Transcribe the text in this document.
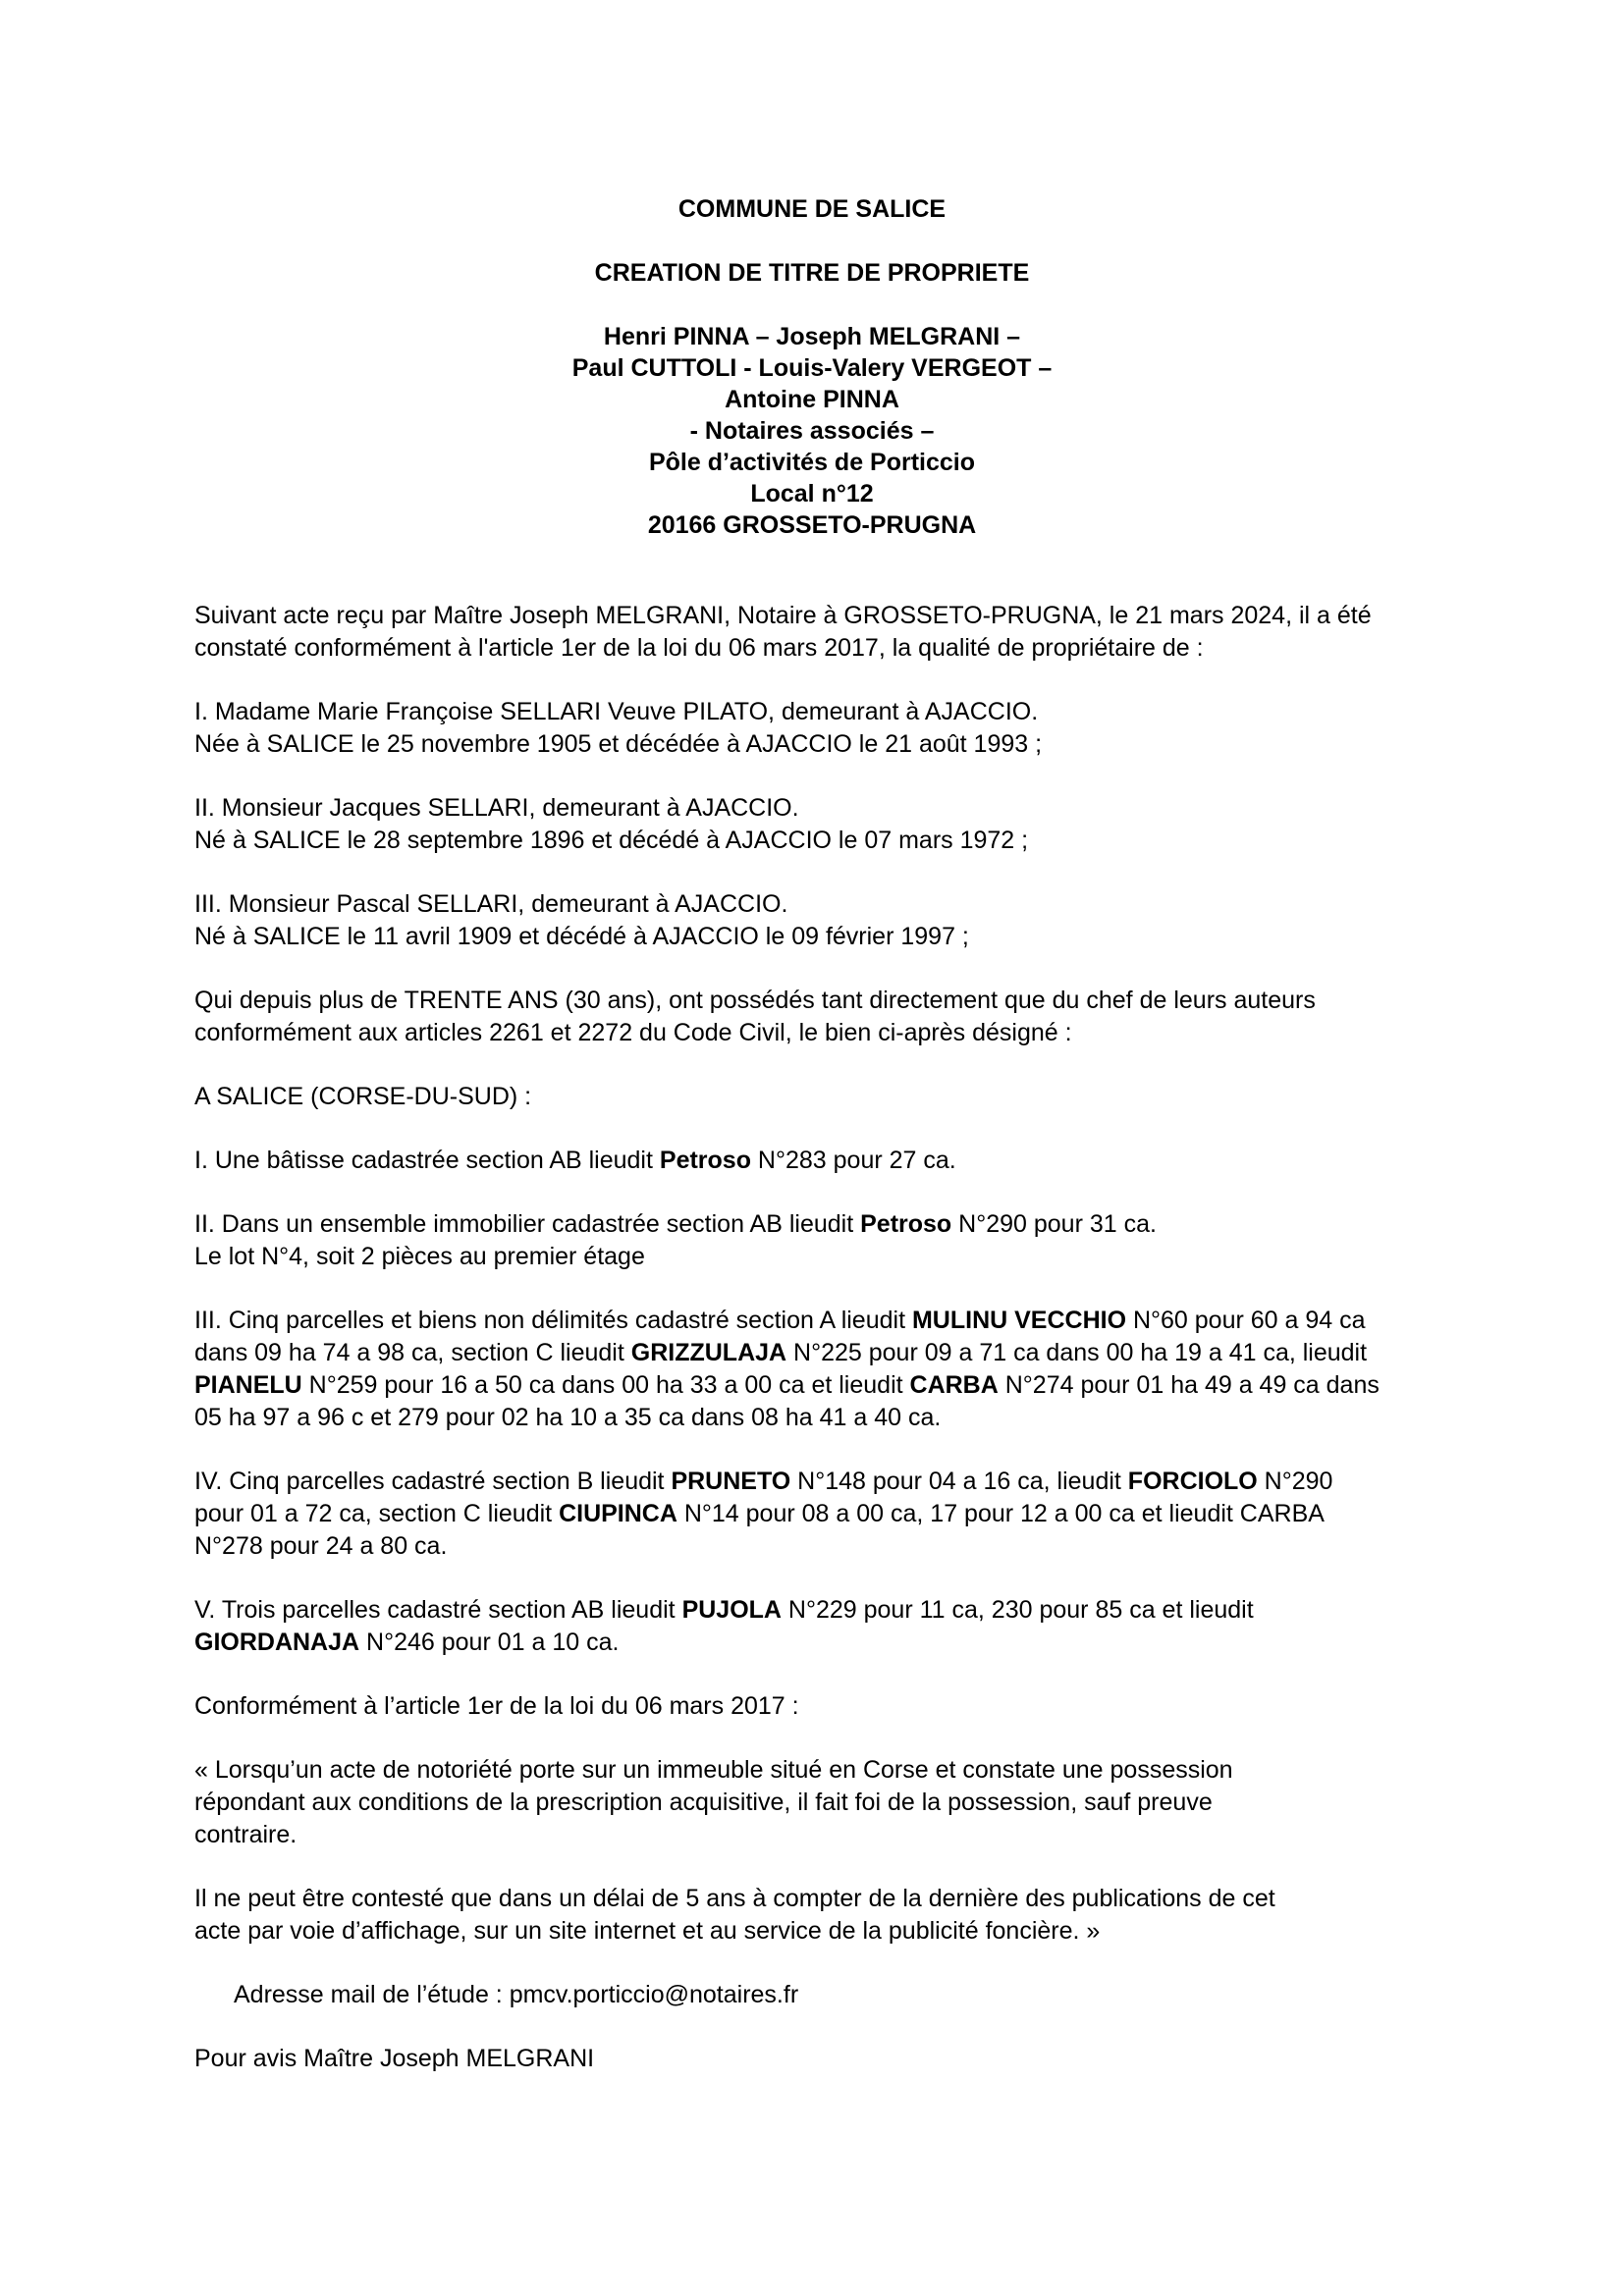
COMMUNE DE SALICE
CREATION DE TITRE DE PROPRIETE
Henri PINNA – Joseph MELGRANI –
Paul CUTTOLI - Louis-Valery VERGEOT –
Antoine PINNA
- Notaires associés –
Pôle d’activités de Porticcio
Local n°12
20166 GROSSETO-PRUGNA
Suivant acte reçu par Maître Joseph MELGRANI, Notaire à GROSSETO-PRUGNA, le 21 mars 2024, il a été
constaté conformément à l'article 1er de la loi du 06 mars 2017, la qualité de propriétaire de :
I. Madame Marie Françoise SELLARI Veuve PILATO, demeurant à AJACCIO.
Née à SALICE le 25 novembre 1905 et décédée à AJACCIO le 21 août 1993 ;
II. Monsieur Jacques SELLARI, demeurant à AJACCIO.
Né à SALICE le 28 septembre 1896 et décédé à AJACCIO le 07 mars 1972 ;
III. Monsieur Pascal SELLARI, demeurant à AJACCIO.
Né à SALICE le 11 avril 1909 et décédé à AJACCIO le 09 février 1997 ;
Qui depuis plus de TRENTE ANS (30 ans), ont possédés tant directement que du chef de leurs auteurs
conformément aux articles 2261 et 2272 du Code Civil, le bien ci-après désigné :
A SALICE (CORSE-DU-SUD) :
I. Une bâtisse cadastrée section AB lieudit Petroso N°283 pour 27 ca.
II. Dans un ensemble immobilier cadastrée section AB lieudit Petroso N°290 pour 31 ca.
Le lot N°4, soit 2 pièces au premier étage
III. Cinq parcelles et biens non délimités cadastré section A lieudit MULINU VECCHIO N°60 pour 60 a 94 ca
dans 09 ha 74 a 98 ca, section C lieudit GRIZZULAJA N°225 pour 09 a 71 ca dans 00 ha 19 a 41 ca, lieudit
PIANELU N°259 pour 16 a 50 ca dans 00 ha 33 a 00 ca et lieudit CARBA N°274 pour 01 ha 49 a 49 ca dans
05 ha 97 a 96 c et 279 pour 02 ha 10 a 35 ca dans 08 ha 41 a 40 ca.
IV. Cinq parcelles cadastré section B lieudit PRUNETO N°148 pour 04 a 16 ca, lieudit FORCIOLO N°290
pour 01 a 72 ca, section C lieudit CIUPINCA N°14 pour 08 a 00 ca, 17 pour 12 a 00 ca et lieudit CARBA
N°278 pour 24 a 80 ca.
V. Trois parcelles cadastré section AB lieudit PUJOLA N°229 pour 11 ca, 230 pour 85 ca et lieudit
GIORDANAJA N°246 pour 01 a 10 ca.
Conformément à l’article 1er de la loi du 06 mars 2017 :
« Lorsqu’un acte de notoriété porte sur un immeuble situé en Corse et constate une possession
répondant aux conditions de la prescription acquisitive, il fait foi de la possession, sauf preuve
contraire.
Il ne peut être contesté que dans un délai de 5 ans à compter de la dernière des publications de cet
acte par voie d’affichage, sur un site internet et au service de la publicité foncière. »
Adresse mail de l’étude : pmcv.porticcio@notaires.fr
Pour avis Maître Joseph MELGRANI
